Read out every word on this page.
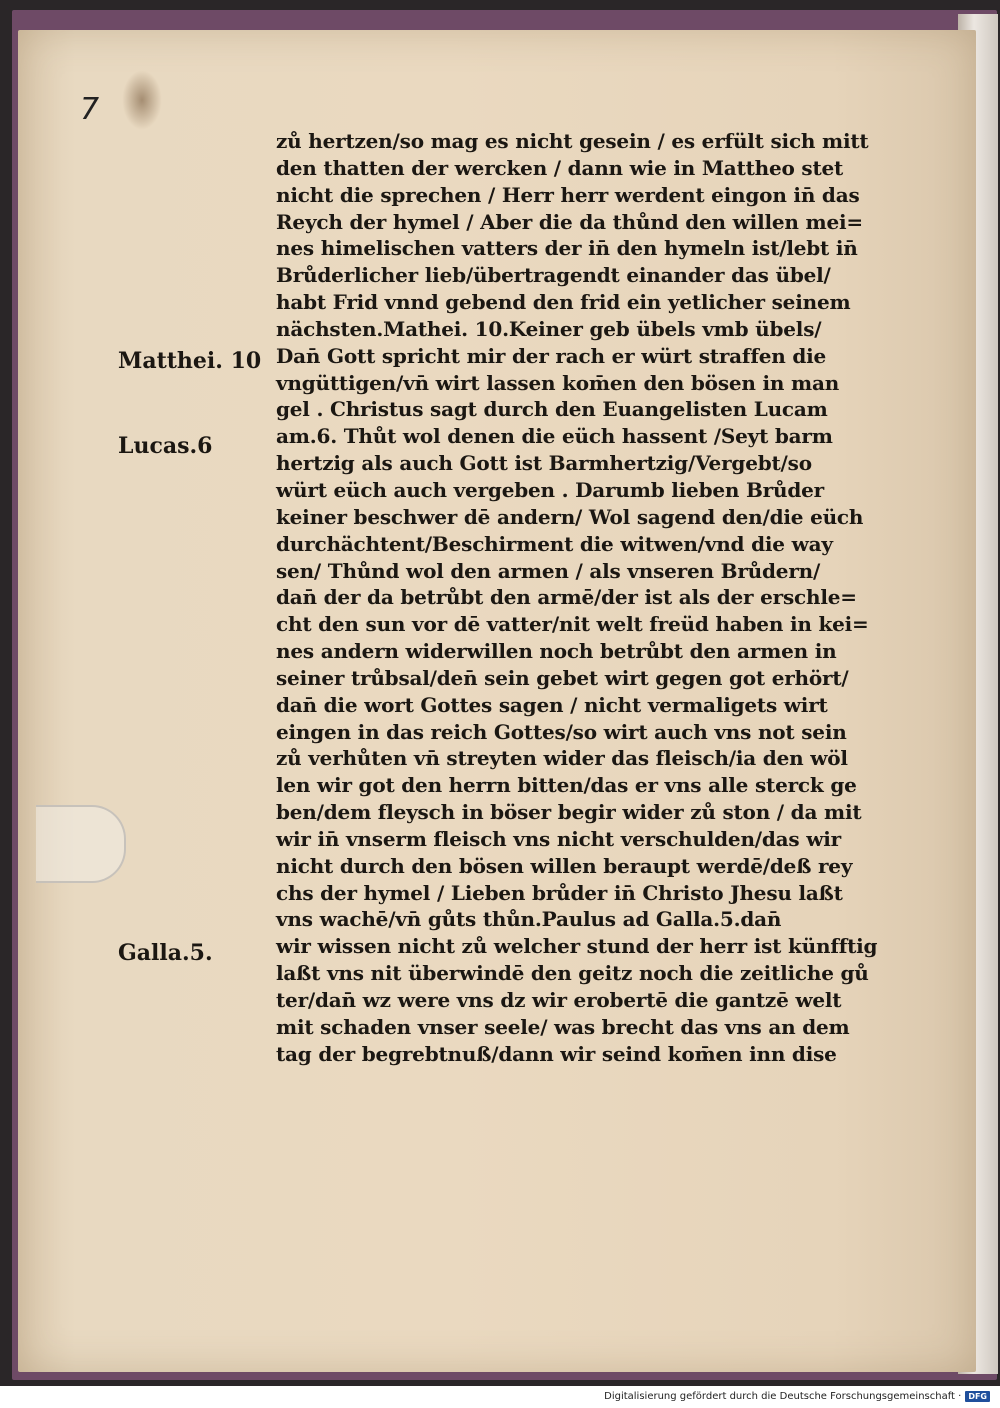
7
Matthei. 10
Lucas.6
Galla.5.
zů hertzen/so mag es nicht gesein / es erfült sich mitt
den thatten der wercken / dann wie in Mattheo stet
nicht die sprechen / Herr herr werdent eingon in̄ das
Reych der hymel / Aber die da thůnd den willen mei=
nes himelischen vatters der in̄ den hymeln ist/lebt in̄
Brůderlicher lieb/übertragendt einander das übel/
habt Frid vnnd gebend den frid ein yetlicher seinem
nächsten.Mathei. 10.Keiner geb übels vmb übels/
Dan̄ Gott spricht mir der rach er würt straffen die
vngüttigen/vn̄ wirt lassen kom̄en den bösen in man
gel . Christus sagt durch den Euangelisten Lucam
am.6. Thůt wol denen die eüch hassent /Seyt barm
hertzig als auch Gott ist Barmhertzig/Vergebt/so
würt eüch auch vergeben . Darumb lieben Brůder
keiner beschwer dē andern/ Wol sagend den/die eüch
durchächtent/Beschirment die witwen/vnd die way
sen/ Thůnd wol den armen / als vnseren Brůdern/
dan̄ der da betrůbt den armē/der ist als der erschle=
cht den sun vor dē vatter/nit welt freüd haben in kei=
nes andern widerwillen noch betrůbt den armen in
seiner trůbsal/den̄ sein gebet wirt gegen got erhört/
dan̄ die wort Gottes sagen / nicht vermaligets wirt
eingen in das reich Gottes/so wirt auch vns not sein
zů verhůten vn̄ streyten wider das fleisch/ia den wöl
len wir got den herrn bitten/das er vns alle sterck ge
ben/dem fleysch in böser begir wider zů ston / da mit
wir in̄ vnserm fleisch vns nicht verschulden/das wir
nicht durch den bösen willen beraupt werdē/deß rey
chs der hymel / Lieben brůder in̄ Christo Jhesu laßt
vns wachē/vn̄ gůts thůn.Paulus ad Galla.5.dan̄
wir wissen nicht zů welcher stund der herr ist künfftig
laßt vns nit überwindē den geitz noch die zeitliche gů
ter/dan̄ wz were vns dz wir erobertē die gantzē welt
mit schaden vnser seele/ was brecht das vns an dem
tag der begrebtnuß/dann wir seind kom̄en inn dise
Digitalisierung gefördert durch die Deutsche Forschungsgemeinschaft · DFG
